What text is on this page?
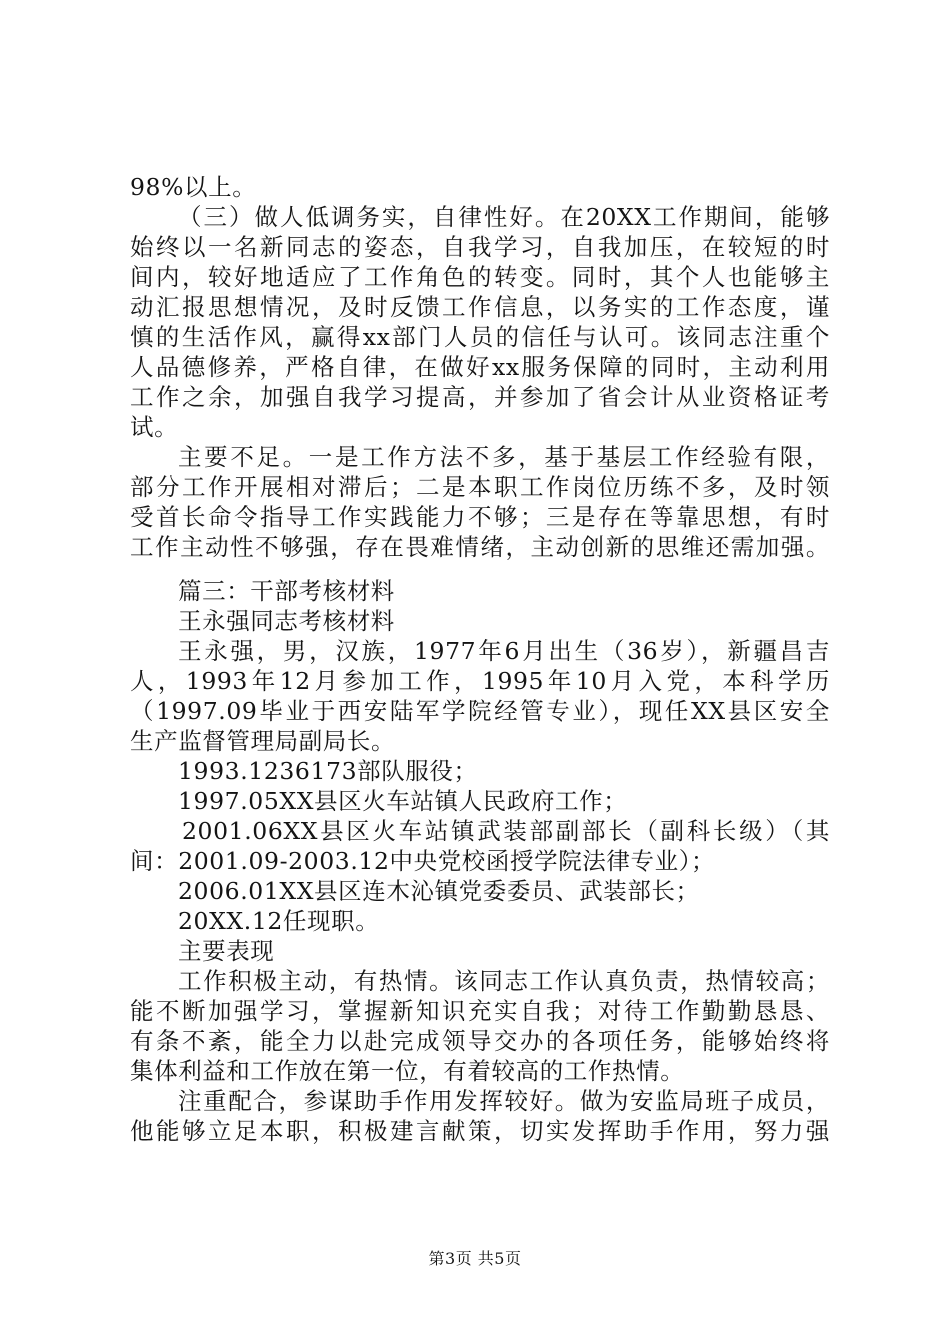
98%以上。
（三）做人低调务实，自律性好。在20XX工作期间，能够
始终以一名新同志的姿态，自我学习，自我加压，在较短的时
间内，较好地适应了工作角色的转变。同时，其个人也能够主
动汇报思想情况，及时反馈工作信息，以务实的工作态度，谨
慎的生活作风，赢得xx部门人员的信任与认可。该同志注重个
人品德修养，严格自律，在做好xx服务保障的同时，主动利用
工作之余，加强自我学习提高，并参加了省会计从业资格证考
试。
主要不足。一是工作方法不多，基于基层工作经验有限，
部分工作开展相对滞后；二是本职工作岗位历练不多，及时领
受首长命令指导工作实践能力不够；三是存在等靠思想，有时
工作主动性不够强，存在畏难情绪，主动创新的思维还需加强。
篇三：干部考核材料
王永强同志考核材料
王永强，男，汉族，1977年6月出生（36岁），新疆昌吉
人，1993年12月参加工作，1995年10月入党，本科学历
（1997.09毕业于西安陆军学院经管专业），现任XX县区安全
生产监督管理局副局长。
1993.1236173部队服役；
1997.05XX县区火车站镇人民政府工作；
2001.06XX县区火车站镇武装部副部长（副科长级）（其
间：2001.09-2003.12中央党校函授学院法律专业）；
2006.01XX县区连木沁镇党委委员、武装部长；
20XX.12任现职。
主要表现
工作积极主动，有热情。该同志工作认真负责，热情较高；
能不断加强学习，掌握新知识充实自我；对待工作勤勤恳恳、
有条不紊，能全力以赴完成领导交办的各项任务，能够始终将
集体利益和工作放在第一位，有着较高的工作热情。
注重配合，参谋助手作用发挥较好。做为安监局班子成员，
他能够立足本职，积极建言献策，切实发挥助手作用，努力强
第3页 共5页
